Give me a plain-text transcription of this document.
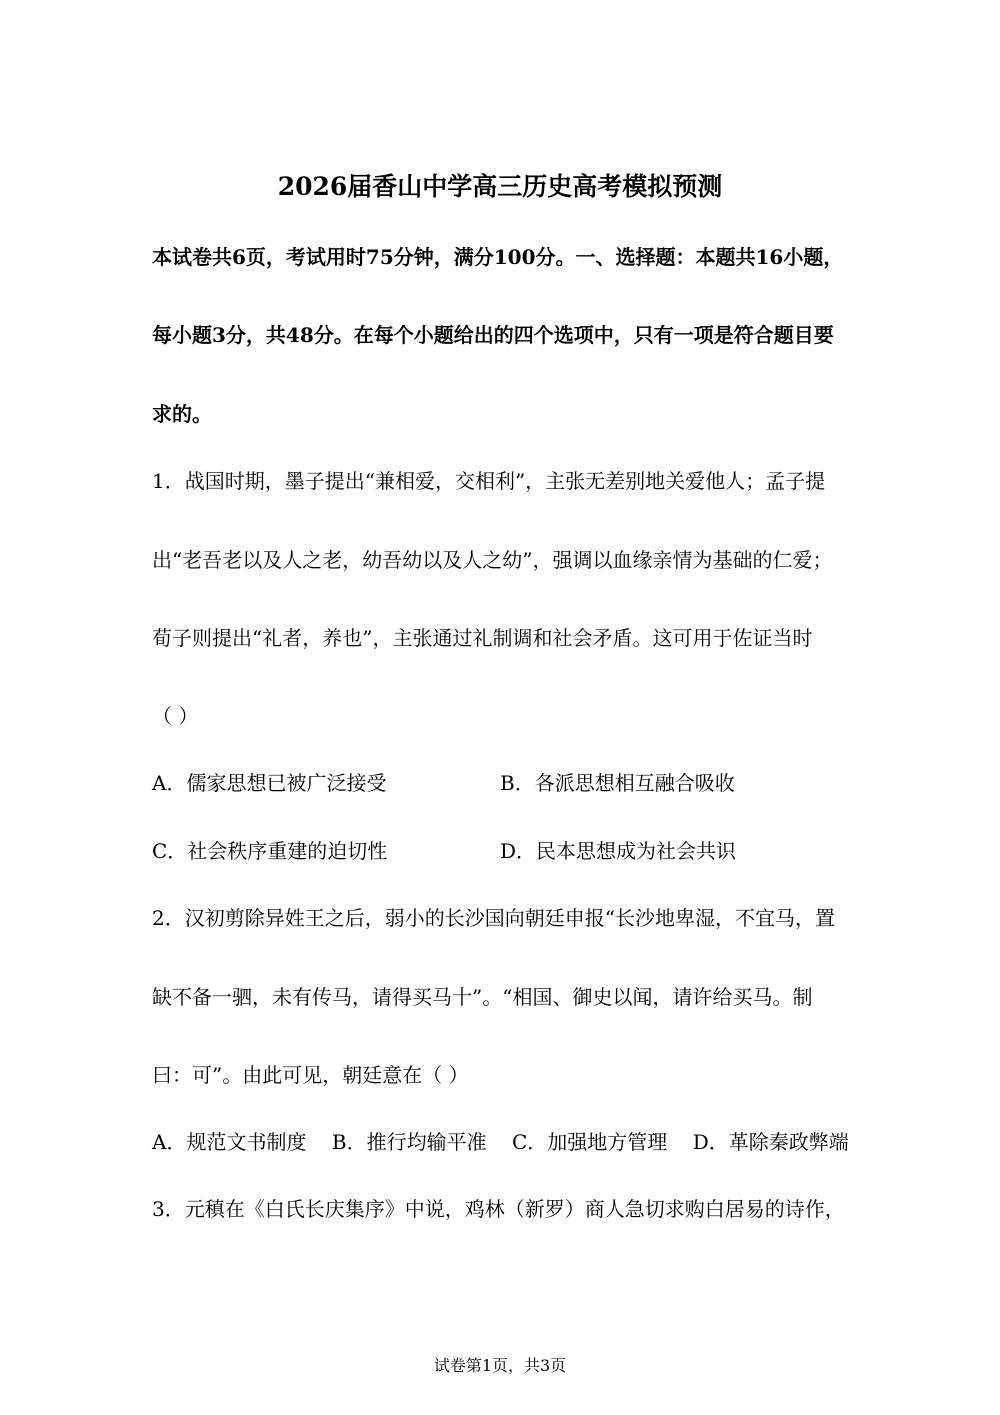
2026届香山中学高三历史高考模拟预测
本试卷共6页，考试用时75分钟，满分100分。一、选择题：本题共16小题，
每小题3分，共48分。在每个小题给出的四个选项中，只有一项是符合题目要
求的。
1．战国时期，墨子提出“兼相爱，交相利”，主张无差别地关爱他人；孟子提
出“老吾老以及人之老，幼吾幼以及人之幼”，强调以血缘亲情为基础的仁爱；
荀子则提出“礼者，养也”，主张通过礼制调和社会矛盾。这可用于佐证当时
（ ）
A．儒家思想已被广泛接受	B．各派思想相互融合吸收
C．社会秩序重建的迫切性	D．民本思想成为社会共识
2．汉初剪除异姓王之后，弱小的长沙国向朝廷申报“长沙地卑湿，不宜马，置
缺不备一驷，未有传马，请得买马十”。“相国、御史以闻，请许给买马。制
曰：可”。由此可见，朝廷意在（ ）
A．规范文书制度    B．推行均输平准    C．加强地方管理    D．革除秦政弊端
3．元稹在《白氏长庆集序》中说，鸡林（新罗）商人急切求购白居易的诗作，
试卷第1页，共3页
